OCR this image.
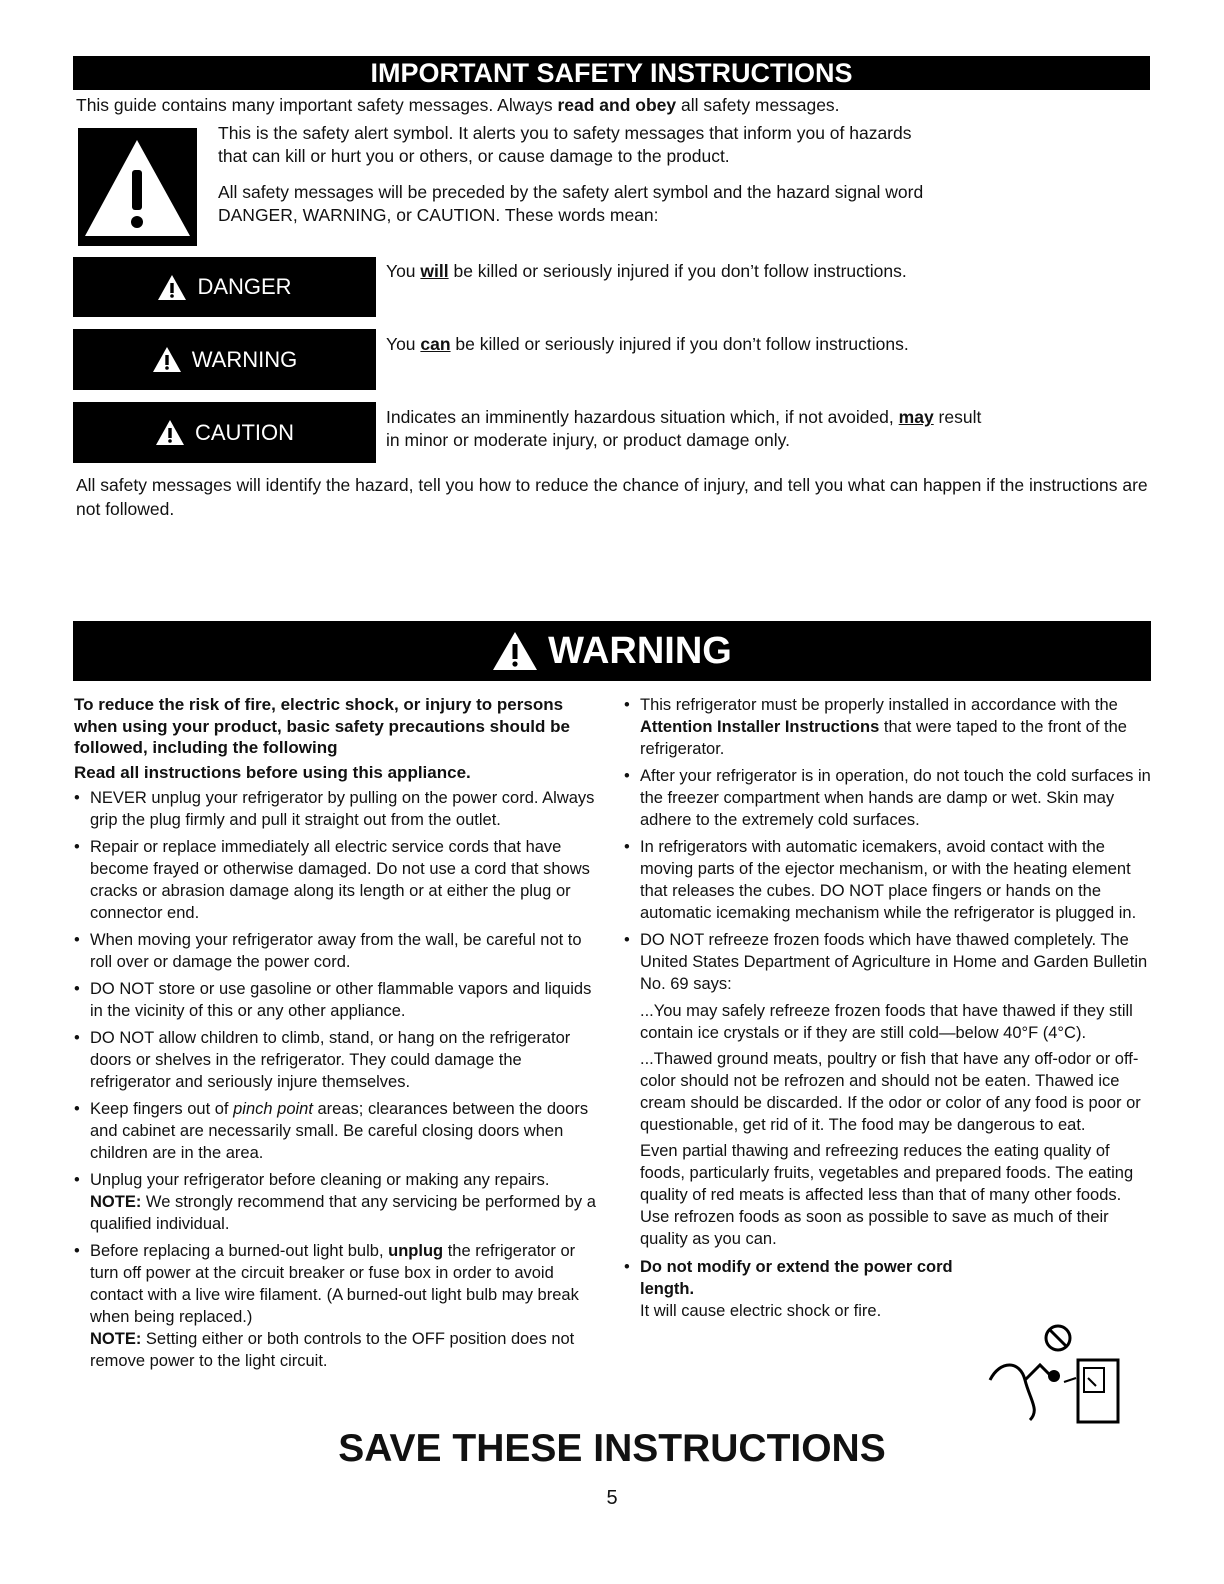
IMPORTANT SAFETY INSTRUCTIONS
This guide contains many important safety messages. Always read and obey all safety messages.
This is the safety alert symbol. It alerts you to safety messages that inform you of hazards that can kill or hurt you or others, or cause damage to the product.
All safety messages will be preceded by the safety alert symbol and the hazard signal word DANGER, WARNING, or CAUTION. These words mean:
DANGER
You will be killed or seriously injured if you don’t follow instructions.
WARNING
You can be killed or seriously injured if you don’t follow instructions.
CAUTION
Indicates an imminently hazardous situation which, if not avoided, may result in minor or moderate injury, or product damage only.
All safety messages will identify the hazard, tell you how to reduce the chance of injury, and tell you what can happen if the instructions are not followed.
WARNING
To reduce the risk of fire, electric shock, or injury to persons when using your product, basic safety precautions should be followed, including the following
Read all instructions before using this appliance.
• NEVER unplug your refrigerator by pulling on the power cord. Always grip the plug firmly and pull it straight out from the outlet.
• Repair or replace immediately all electric service cords that have become frayed or otherwise damaged. Do not use a cord that shows cracks or abrasion damage along its length or at either the plug or connector end.
• When moving your refrigerator away from the wall, be careful not to roll over or damage the power cord.
• DO NOT store or use gasoline or other flammable vapors and liquids in the vicinity of this or any other appliance.
• DO NOT allow children to climb, stand, or hang on the refrigerator doors or shelves in the refrigerator. They could damage the refrigerator and seriously injure themselves.
• Keep fingers out of pinch point areas; clearances between the doors and cabinet are necessarily small. Be careful closing doors when children are in the area.
• Unplug your refrigerator before cleaning or making any repairs.
NOTE: We strongly recommend that any servicing be performed by a qualified individual.
• Before replacing a burned-out light bulb, unplug the refrigerator or turn off power at the circuit breaker or fuse box in order to avoid contact with a live wire filament. (A burned-out light bulb may break when being replaced.)
NOTE: Setting either or both controls to the OFF position does not remove power to the light circuit.
• This refrigerator must be properly installed in accordance with the Attention Installer Instructions that were taped to the front of the refrigerator.
• After your refrigerator is in operation, do not touch the cold surfaces in the freezer compartment when hands are damp or wet. Skin may adhere to the extremely cold surfaces.
• In refrigerators with automatic icemakers, avoid contact with the moving parts of the ejector mechanism, or with the heating element that releases the cubes. DO NOT place fingers or hands on the automatic icemaking mechanism while the refrigerator is plugged in.
• DO NOT refreeze frozen foods which have thawed completely. The United States Department of Agriculture in Home and Garden Bulletin No. 69 says:
...You may safely refreeze frozen foods that have thawed if they still contain ice crystals or if they are still cold—below 40°F (4°C).
...Thawed ground meats, poultry or fish that have any off-odor or off-color should not be refrozen and should not be eaten. Thawed ice cream should be discarded. If the odor or color of any food is poor or questionable, get rid of it. The food may be dangerous to eat.
Even partial thawing and refreezing reduces the eating quality of foods, particularly fruits, vegetables and prepared foods. The eating quality of red meats is affected less than that of many other foods. Use refrozen foods as soon as possible to save as much of their quality as you can.
• Do not modify or extend the power cord length.
It will cause electric shock or fire.
SAVE THESE INSTRUCTIONS
5
